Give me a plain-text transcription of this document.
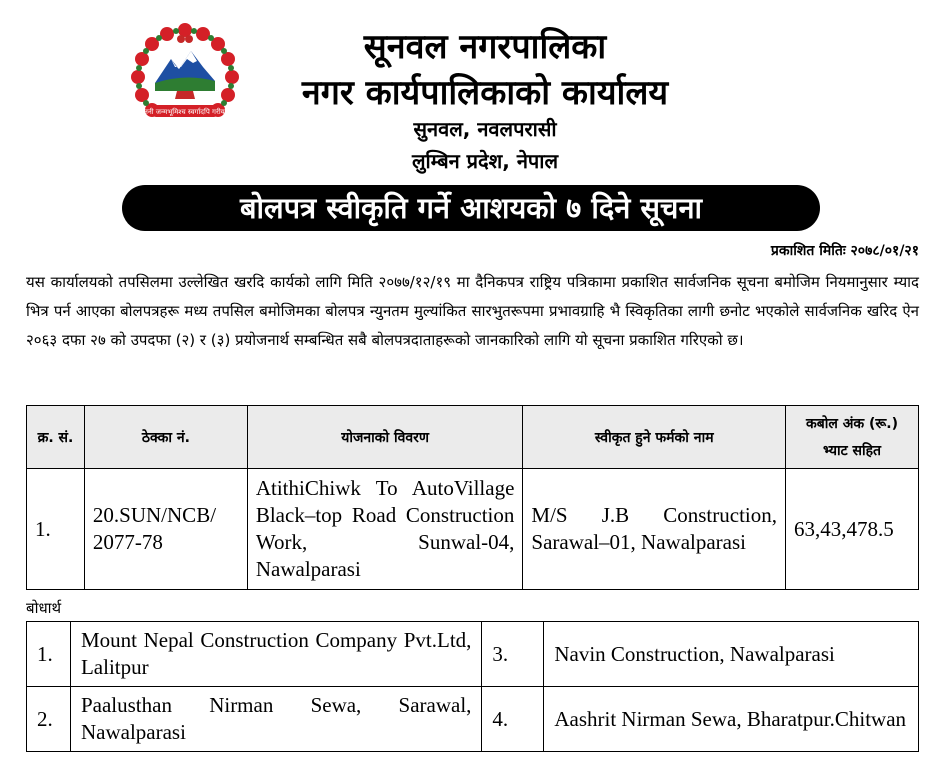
जननी जन्मभूमिश्च स्वर्गादपि गरीयसी
सूनवल नगरपालिका
नगर कार्यपालिकाको कार्यालय
सुनवल, नवलपरासी
लुम्बिन प्रदेश, नेपाल
बोलपत्र स्वीकृति गर्ने आशयको ७ दिने सूचना
प्रकाशित मितिः २०७८/०१/२१
यस कार्यालयको तपसिलमा उल्लेखित खरदि कार्यको लागि मिति २०७७/१२/१९ मा दैनिकपत्र राष्ट्रिय पत्रिकामा प्रकाशित सार्वजनिक सूचना बमोजिम नियमानुसार म्याद भित्र पर्न आएका बोलपत्रहरू मध्य तपसिल बमोजिमका बोलपत्र न्युनतम मुल्यांकित सारभुतरूपमा प्रभावग्राहि भै स्विकृतिका लागी छनोट भएकोले सार्वजनिक खरिद ऐन २०६३ दफा २७ को उपदफा (२) र (३) प्रयोजनार्थ सम्बन्धित सबै बोलपत्रदाताहरूको जानकारिको लागि यो सूचना प्रकाशित गरिएको छ।
क्र. सं.	ठेक्का नं.	योजनाको विवरण	स्वीकृत हुने फर्मको नाम	कबोल अंक (रू.)
भ्याट सहित

1.	20.SUN/NCB/ 2077-78	AtithiChiwk To AutoVillage Black–top Road Construction Work, Sunwal-04, Nawalparasi	M/S J.B Construction, Sarawal–01, Nawalparasi	63,43,478.5
बोधार्थ
1.	Mount Nepal Construction Company Pvt.Ltd, Lalitpur	3.	Navin Construction, Nawalparasi
2.	Paalusthan Nirman Sewa, Sarawal, Nawalparasi	4.	Aashrit Nirman Sewa, Bharatpur.Chitwan
